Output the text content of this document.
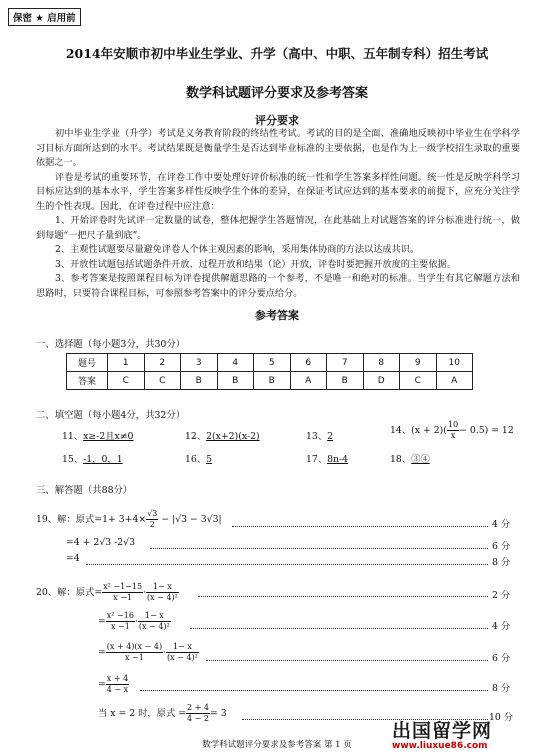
保密 ★ 启用前
2014年安顺市初中毕业生学业、升学（高中、中职、五年制专科）招生考试
数学科试题评分要求及参考答案
评分要求

初中毕业生学业（升学）考试是义务教育阶段的终结性考试。考试的目的是全面、准确地反映初中毕业生在学科学习目标方面所达到的水平。考试结果既是衡量学生是否达到毕业标准的主要依据，也是作为上一级学校招生录取的重要依据之一。

评卷是考试的重要环节，在评卷工作中要处理好评价标准的统一性和学生答案多样性问题。统一性是反映学科学习目标应达到的基本水平，学生答案多样性反映学生个体的差异，在保证考试应达到的基本要求的前提下，应充分关注学生的个性表现。因此，在评卷过程中应注意：

1、开始评卷时先试评一定数量的试卷，整体把握学生答题情况，在此基础上对试题答案的评分标准进行统一，做到每题“一把尺子量到底”。

2、主观性试题要尽量避免评卷人个体主观因素的影响，采用集体协商的方法以达成共识。

3、开放性试题包括试题条件开放、过程开放和结果（论）开放，评卷时要把握开放度的主要依据。

3、参考答案是按照课程目标为评卷提供解题思路的一个参考，不是唯一和绝对的标准。当学生有其它解题方法和思路时，只要符合课程目标，可参照参考答案中的评分要点给分。

参考答案
一、选择题（每小题3分，共30分）
题号	1	2	3	4	5	6	7	8	9	10
答案	C	C	B	B	B	A	B	D	C	A
二、填空题（每小题4分，共32分）
11、x≥-2且x≠0	12、2(x+2)(x-2)	13、2
14、$(x + 2)( \frac{10}{x} - 0.5) = 12$
15、-1，0，1	16、5	17、8n-4	18、③④
三、解答题（共88分）
19、解：原式$=1+ 3+4\times \frac{√3}{2} - |√3 - 3√3|$	4 分
=4 + 2√3 -2√3	6 分
=4	8 分
20、解：原式= $\frac{\text{x² −1−15}}{x -1} \cdot \frac{1- x}{\text{(x − 4)²}}$	2 分
= $\frac{\text{x² −16}}{x -1} \cdot \frac{1- x}{\text{(x − 4)²}}$	4 分
= $\frac{(x + 4)(x - 4)}{x -1} \cdot \frac{1- x}{\text{(x − 4)²}}$	6 分
= $\frac{x + 4}{4 - x}$	8 分
当 x = 2 时，原式 = $\frac{2 + 4}{4 - 2} = 3$	10 分
数学科试题评分要求及参考答案 第 1 页
出国留学网
www.liuxue86.com
